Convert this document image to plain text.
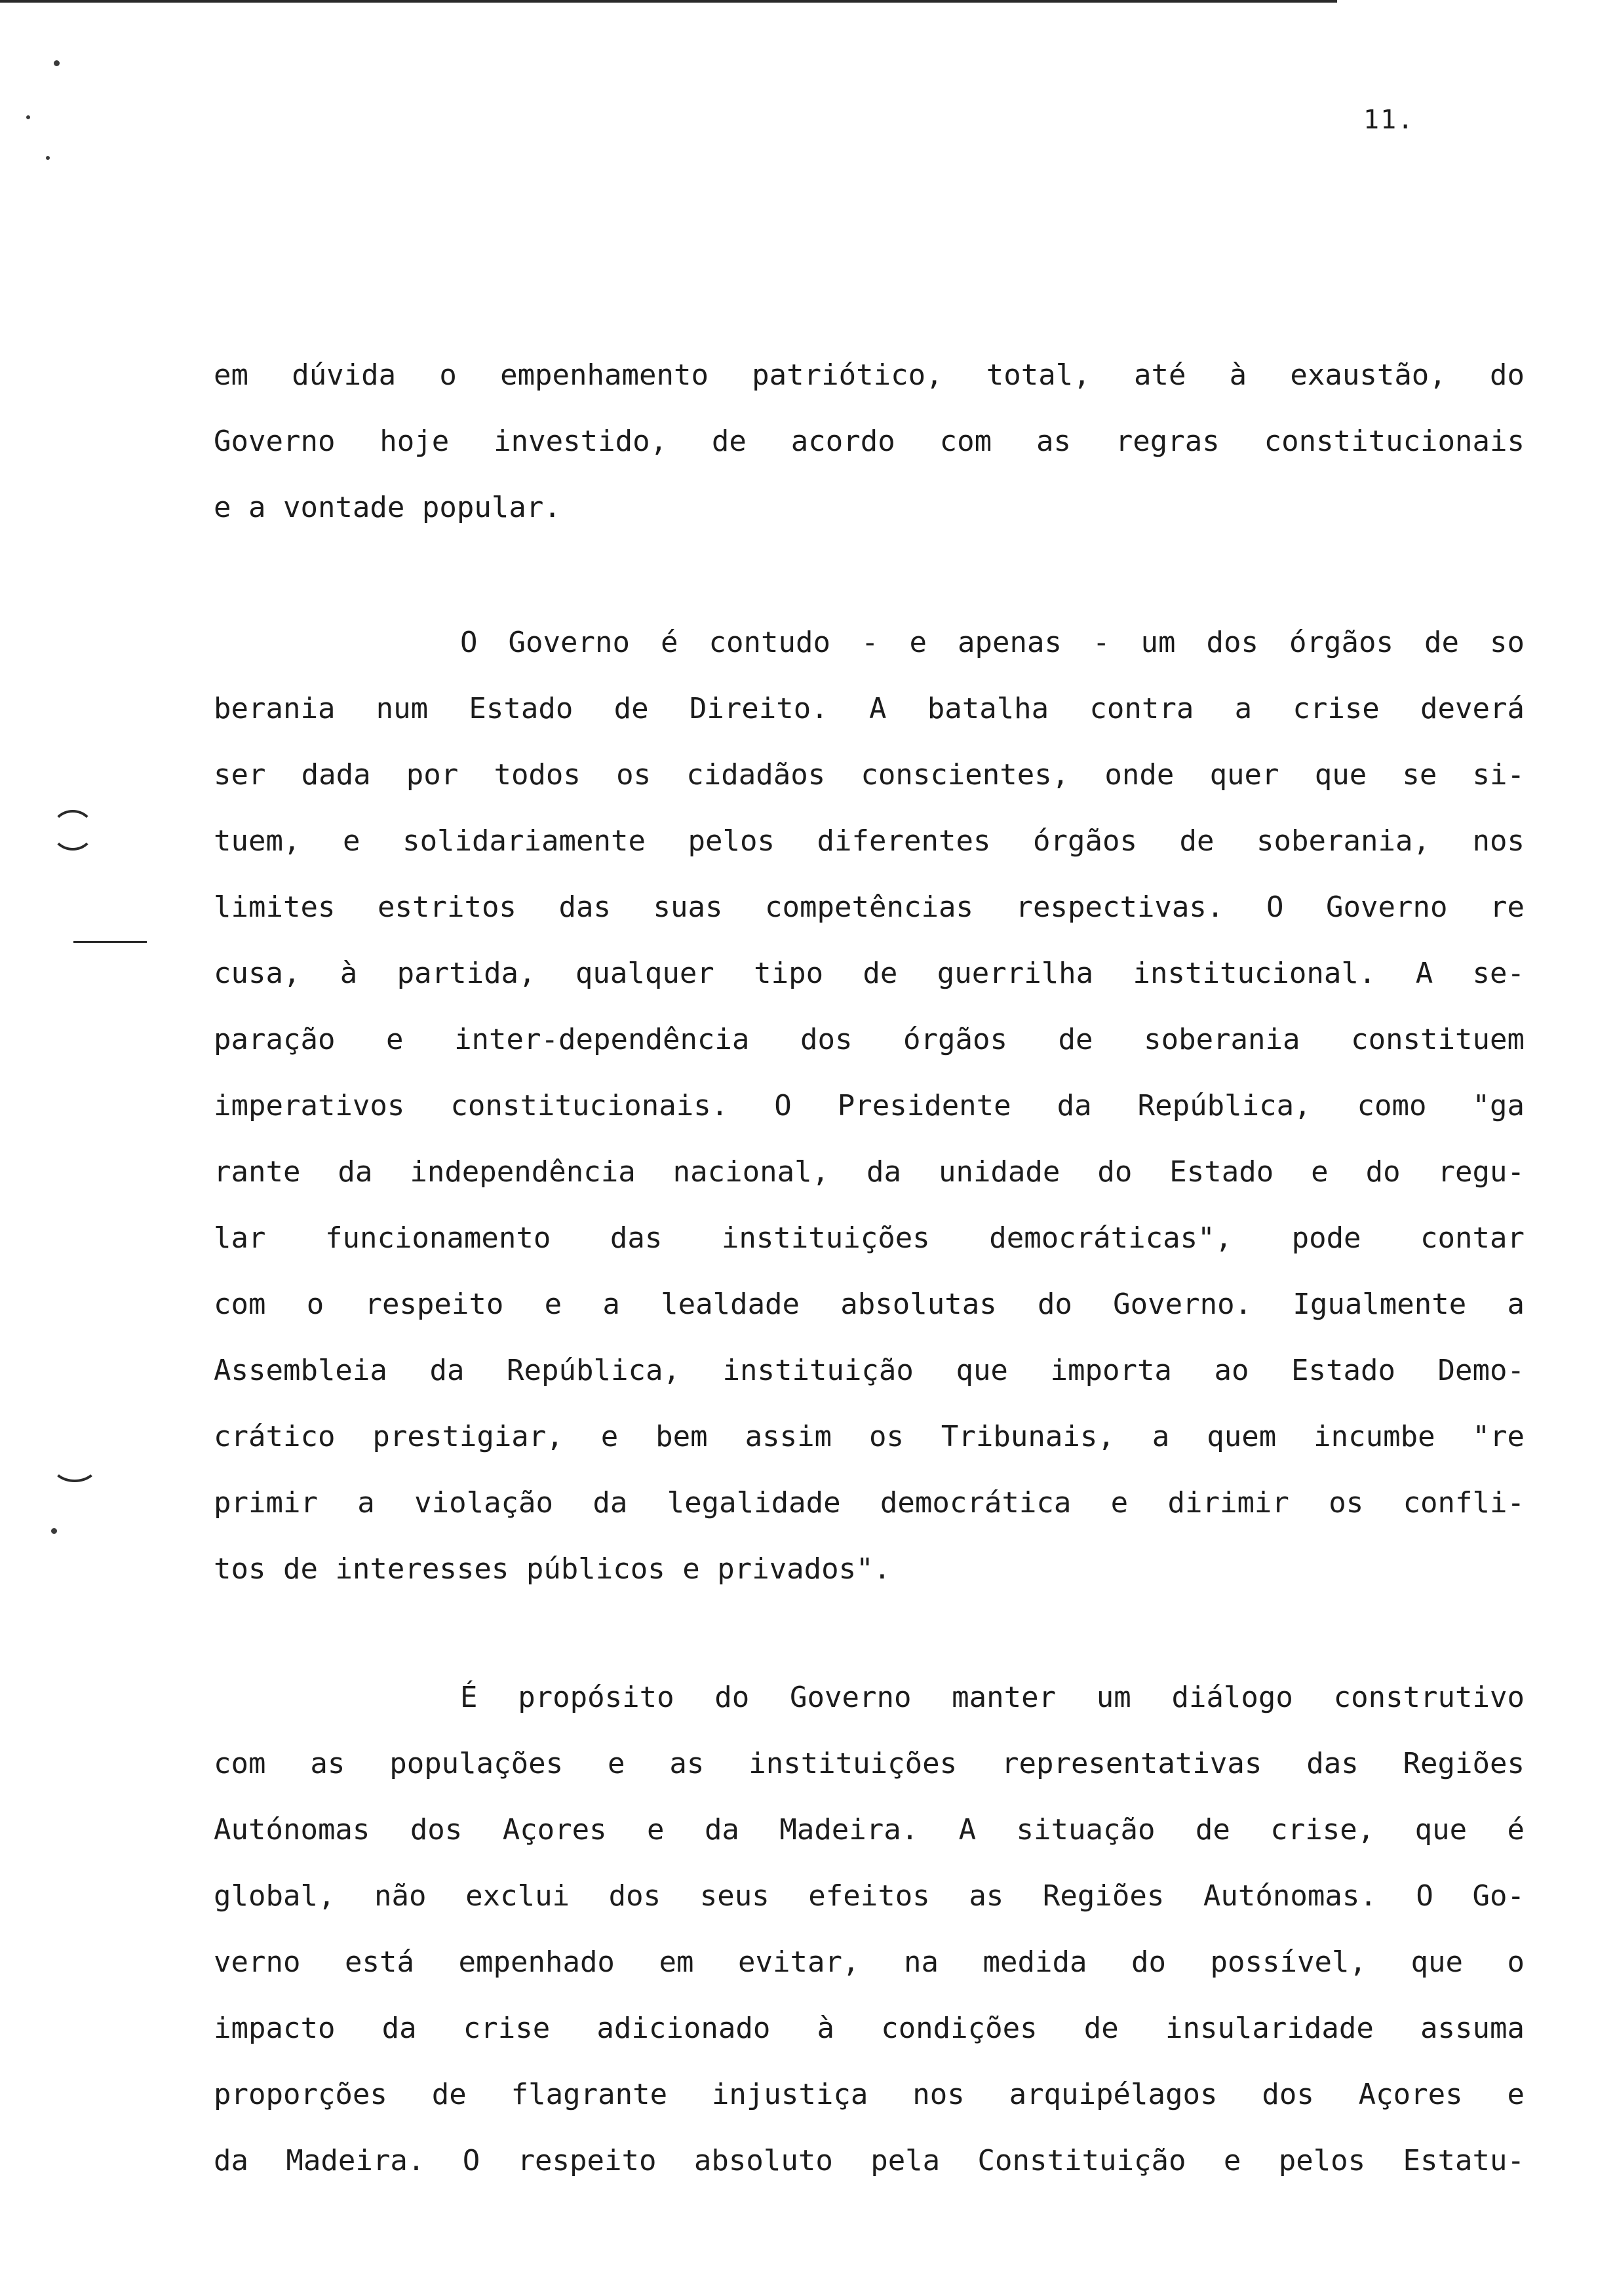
11.
em dúvida o empenhamento patriótico, total, até à exaustão, do
Governo hoje investido, de acordo com as regras constitucionais
e a vontade popular.
O Governo é contudo - e apenas - um dos órgãos de so
berania num Estado de Direito. A batalha contra a crise deverá
ser dada por todos os cidadãos conscientes, onde quer que se si-
tuem, e solidariamente pelos diferentes órgãos de soberania, nos
limites estritos das suas competências respectivas. O Governo re
cusa, à partida, qualquer tipo de guerrilha institucional. A se-
paração e inter-dependência dos órgãos de soberania constituem
imperativos constitucionais. O Presidente da República, como "ga
rante da independência nacional, da unidade do Estado e do regu-
lar funcionamento das instituições democráticas", pode contar
com o respeito e a lealdade absolutas do Governo. Igualmente a
Assembleia da República, instituição que importa ao Estado Demo-
crático prestigiar, e bem assim os Tribunais, a quem incumbe "re
primir a violação da legalidade democrática e dirimir os confli-
tos de interesses públicos e privados".
É propósito do Governo manter um diálogo construtivo
com as populações e as instituições representativas das Regiões
Autónomas dos Açores e da Madeira. A situação de crise, que é
global, não exclui dos seus efeitos as Regiões Autónomas. O Go-
verno está empenhado em evitar, na medida do possível, que o
impacto da crise adicionado à condições de insularidade assuma
proporções de flagrante injustiça nos arquipélagos dos Açores e
da Madeira. O respeito absoluto pela Constituição e pelos Estatu-
